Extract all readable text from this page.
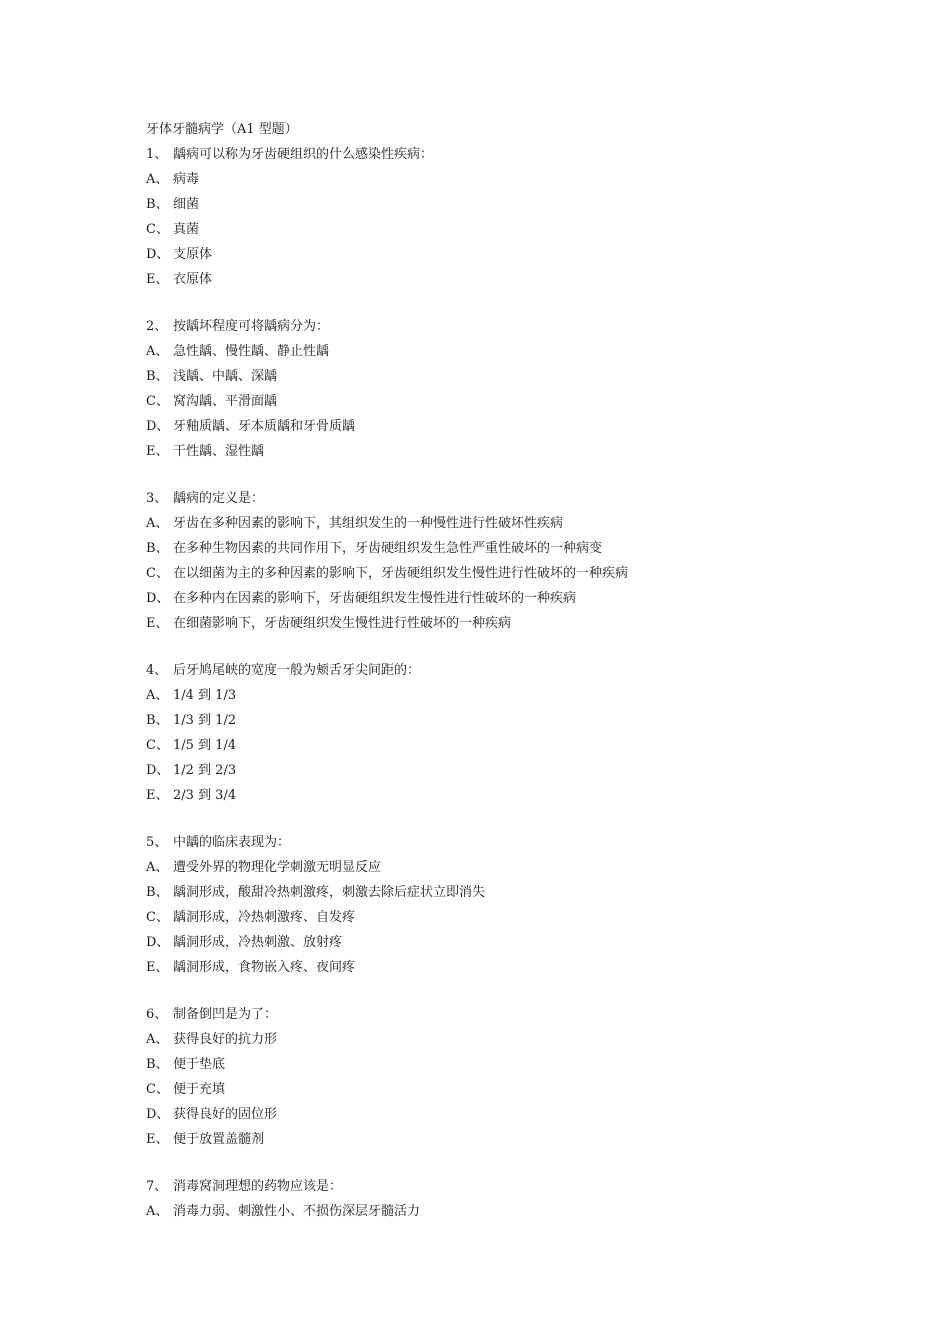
牙体牙髓病学（A1 型题）
1、 龋病可以称为牙齿硬组织的什么感染性疾病：
A、 病毒
B、 细菌
C、 真菌
D、 支原体
E、 衣原体
2、 按龋坏程度可将龋病分为：
A、 急性龋、慢性龋、静止性龋
B、 浅龋、中龋、深龋
C、 窝沟龋、平滑面龋
D、 牙釉质龋、牙本质龋和牙骨质龋
E、 干性龋、湿性龋
3、 龋病的定义是：
A、 牙齿在多种因素的影响下，其组织发生的一种慢性进行性破坏性疾病
B、 在多种生物因素的共同作用下，牙齿硬组织发生急性严重性破坏的一种病变
C、 在以细菌为主的多种因素的影响下，牙齿硬组织发生慢性进行性破坏的一种疾病
D、 在多种内在因素的影响下，牙齿硬组织发生慢性进行性破坏的一种疾病
E、 在细菌影响下，牙齿硬组织发生慢性进行性破坏的一种疾病
4、 后牙鸠尾峡的宽度一般为颊舌牙尖间距的：
A、 1/4 到 1/3
B、 1/3 到 1/2
C、 1/5 到 1/4
D、 1/2 到 2/3
E、 2/3 到 3/4
5、 中龋的临床表现为：
A、 遭受外界的物理化学刺激无明显反应
B、 龋洞形成，酸甜冷热刺激疼，刺激去除后症状立即消失
C、 龋洞形成，冷热刺激疼、自发疼
D、 龋洞形成，冷热刺激、放射疼
E、 龋洞形成，食物嵌入疼、夜间疼
6、 制备倒凹是为了：
A、 获得良好的抗力形
B、 便于垫底
C、 便于充填
D、 获得良好的固位形
E、 便于放置盖髓剂
7、 消毒窝洞理想的药物应该是：
A、 消毒力弱、刺激性小、不损伤深层牙髓活力
